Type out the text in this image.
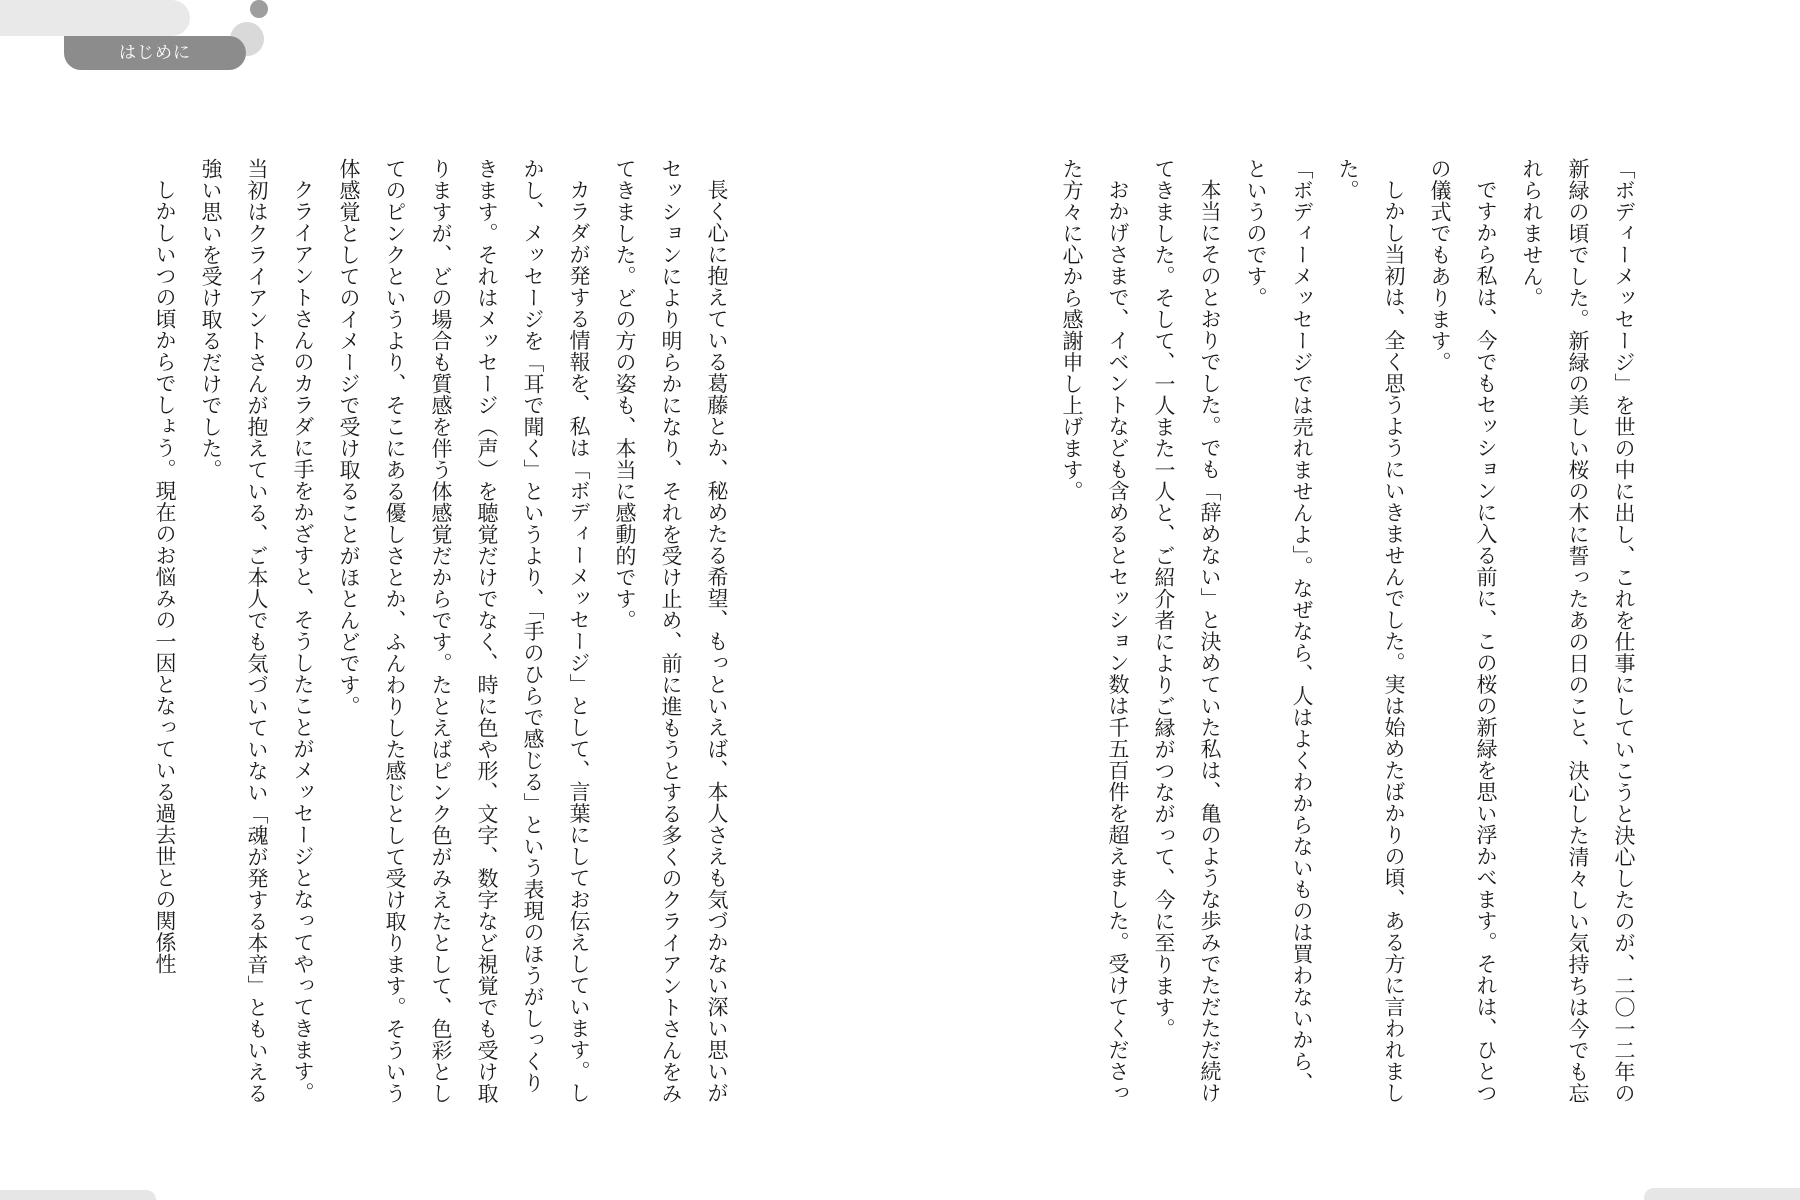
はじめに

「ボディーメッセージ」を世の中に出し、これを仕事にしていこうと決心したのが、二〇一二年の新緑の頃でした。新緑の美しい桜の木に誓ったあの日のこと、決心した清々しい気持ちは今でも忘れられません。

ですから私は、今でもセッションに入る前に、この桜の新緑を思い浮かべます。それは、ひとつの儀式でもあります。

しかし当初は、全く思うようにいきませんでした。実は始めたばかりの頃、ある方に言われました。

「ボディーメッセージでは売れませんよ」。なぜなら、人はよくわからないものは買わないから、というのです。

本当にそのとおりでした。でも「辞めない」と決めていた私は、亀のような歩みでただただ続けてきました。そして、一人また一人と、ご紹介者によりご縁がつながって、今に至ります。

おかげさまで、イベントなども含めるとセッション数は千五百件を超えました。受けてくださった方々に心から感謝申し上げます。

長く心に抱えている葛藤とか、秘めたる希望、もっといえば、本人さえも気づかない深い思いがセッションにより明らかになり、それを受け止め、前に進もうとする多くのクライアントさんをみてきました。どの方の姿も、本当に感動的です。

カラダが発する情報を、私は「ボディーメッセージ」として、言葉にしてお伝えしています。しかし、メッセージを「耳で聞く」というより、「手のひらで感じる」という表現のほうがしっくりきます。それはメッセージ（声）を聴覚だけでなく、時に色や形、文字、数字など視覚でも受け取りますが、どの場合も質感を伴う体感覚だからです。たとえばピンク色がみえたとして、色彩としてのピンクというより、そこにある優しさとか、ふんわりした感じとして受け取ります。そういう体感覚としてのイメージで受け取ることがほとんどです。

クライアントさんのカラダに手をかざすと、そうしたことがメッセージとなってやってきます。当初はクライアントさんが抱えている、ご本人でも気づいていない「魂が発する本音」ともいえる強い思いを受け取るだけでした。

しかしいつの頃からでしょう。現在のお悩みの一因となっている過去世との関係性
